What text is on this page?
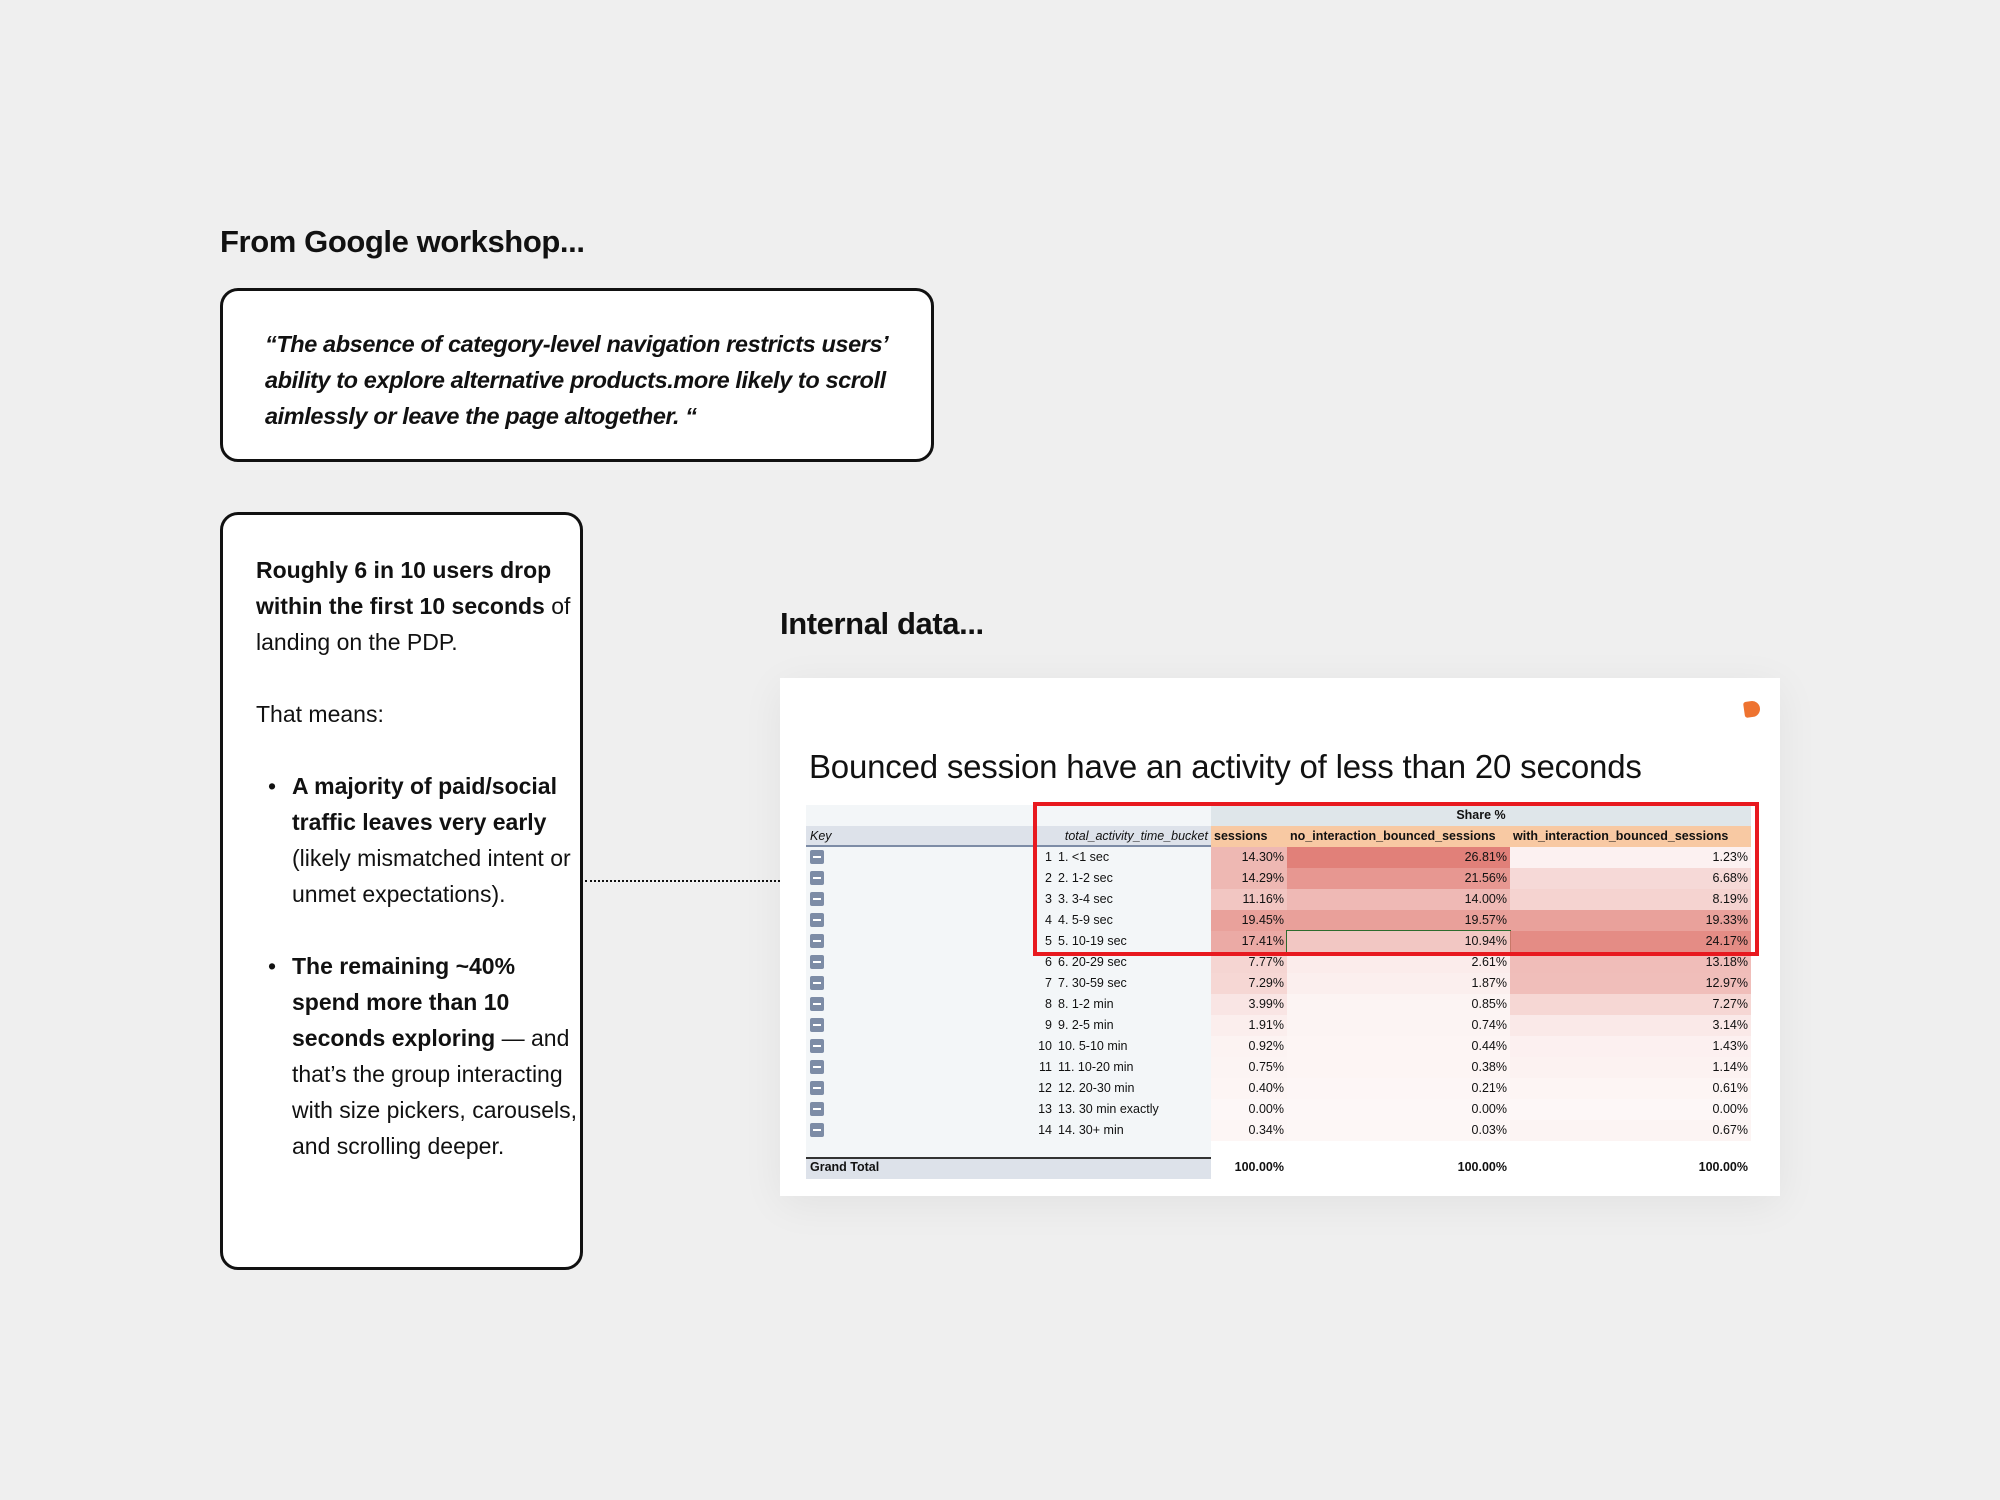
From Google workshop...

“The absence of category-level navigation restricts users’ ability to explore alternative products.more likely to scroll aimlessly or leave the page altogether. “

Roughly 6 in 10 users drop within the first 10 seconds of landing on the PDP.

That means:

• A majority of paid/social traffic leaves very early (likely mismatched intent or unmet expectations).
• The remaining ~40% spend more than 10 seconds exploring — and that’s the group interacting with size pickers, carousels, and scrolling deeper.
Internal data...
Bounced session have an activity of less than 20 seconds
Share %
Key	total_activity_time_bucket sessions	no_interaction_bounced_sessions	with_interaction_bounced_sessions
1 1. <1 sec	14.30%	26.81%	1.23%
2 2. 1-2 sec	14.29%	21.56%	6.68%
3 3. 3-4 sec	11.16%	14.00%	8.19%
4 4. 5-9 sec	19.45%	19.57%	19.33%
5 5. 10-19 sec	17.41%	10.94%	24.17%
6 6. 20-29 sec	7.77%	2.61%	13.18%
7 7. 30-59 sec	7.29%	1.87%	12.97%
8 8. 1-2 min	3.99%	0.85%	7.27%
9 9. 2-5 min	1.91%	0.74%	3.14%
10 10. 5-10 min	0.92%	0.44%	1.43%
11 11. 10-20 min	0.75%	0.38%	1.14%
12 12. 20-30 min	0.40%	0.21%	0.61%
13 13. 30 min exactly	0.00%	0.00%	0.00%
14 14. 30+ min	0.34%	0.03%	0.67%
Grand Total	100.00%	100.00%	100.00%
